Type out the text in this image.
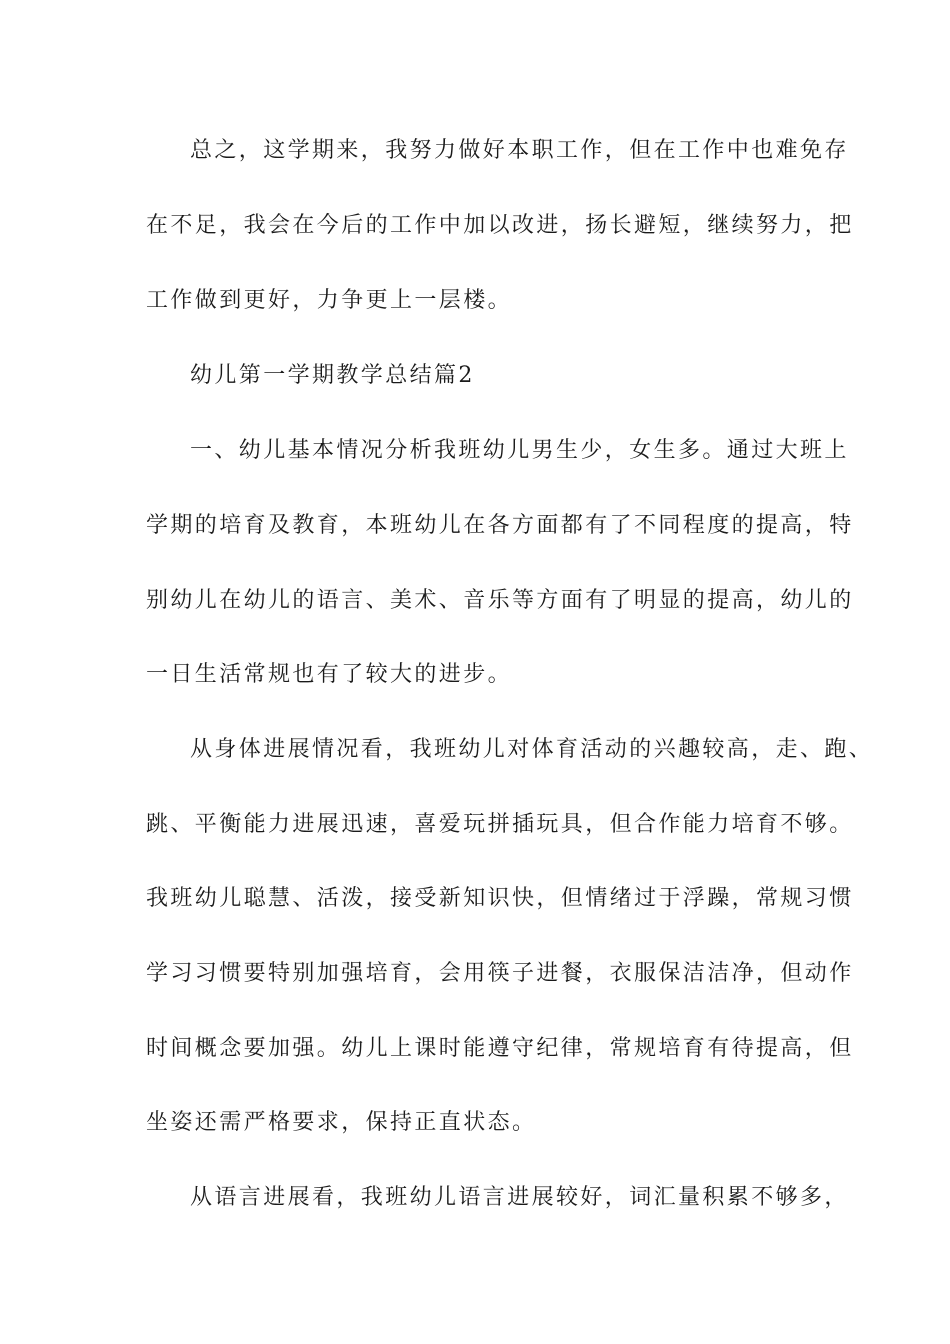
总之，这学期来，我努力做好本职工作，但在工作中也难免存
在不足，我会在今后的工作中加以改进，扬长避短，继续努力，把
工作做到更好，力争更上一层楼。
幼儿第一学期教学总结篇2
一、幼儿基本情况分析我班幼儿男生少，女生多。通过大班上
学期的培育及教育，本班幼儿在各方面都有了不同程度的提高，特
别幼儿在幼儿的语言、美术、音乐等方面有了明显的提高，幼儿的
一日生活常规也有了较大的进步。
从身体进展情况看，我班幼儿对体育活动的兴趣较高，走、跑、
跳、平衡能力进展迅速，喜爱玩拼插玩具，但合作能力培育不够。
我班幼儿聪慧、活泼，接受新知识快，但情绪过于浮躁，常规习惯
学习习惯要特别加强培育，会用筷子进餐，衣服保洁洁净，但动作
时间概念要加强。幼儿上课时能遵守纪律，常规培育有待提高，但
坐姿还需严格要求，保持正直状态。
从语言进展看，我班幼儿语言进展较好，词汇量积累不够多，
